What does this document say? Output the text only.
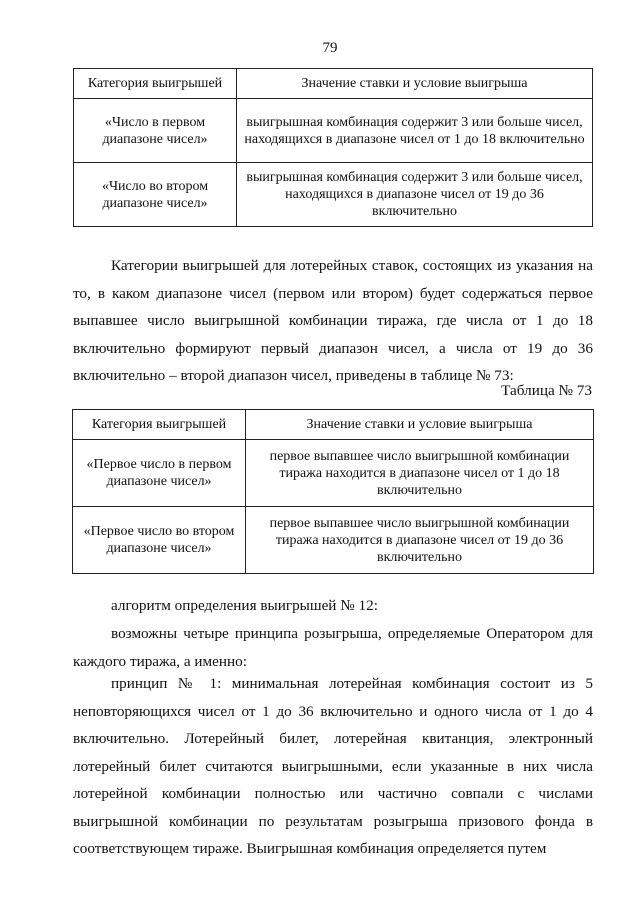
79
Категория выигрышей	Значение ставки и условие выигрыша
«Число в первом диапазоне чисел»	выигрышная комбинация содержит 3 или больше чисел, находящихся в диапазоне чисел от 1 до 18 включительно
«Число во втором диапазоне чисел»	выигрышная комбинация содержит 3 или больше чисел, находящихся в диапазоне чисел от 19 до 36 включительно

Категории выигрышей для лотерейных ставок, состоящих из указания на то, в каком диапазоне чисел (первом или втором) будет содержаться первое выпавшее число выигрышной комбинации тиража, где числа от 1 до 18 включительно формируют первый диапазон чисел, а числа от 19 до 36 включительно – второй диапазон чисел, приведены в таблице № 73:

Таблица № 73
Категория выигрышей	Значение ставки и условие выигрыша
«Первое число в первом диапазоне чисел»	первое выпавшее число выигрышной комбинации тиража находится в диапазоне чисел от 1 до 18 включительно
«Первое число во втором диапазоне чисел»	первое выпавшее число выигрышной комбинации тиража находится в диапазоне чисел от 19 до 36 включительно

алгоритм определения выигрышей № 12:

возможны четыре принципа розыгрыша, определяемые Оператором для каждого тиража, а именно:

принцип № 1: минимальная лотерейная комбинация состоит из 5 неповторяющихся чисел от 1 до 36 включительно и одного числа от 1 до 4 включительно. Лотерейный билет, лотерейная квитанция, электронный лотерейный билет считаются выигрышными, если указанные в них числа лотерейной комбинации полностью или частично совпали с числами выигрышной комбинации по результатам розыгрыша призового фонда в соответствующем тираже. Выигрышная комбинация определяется путем
